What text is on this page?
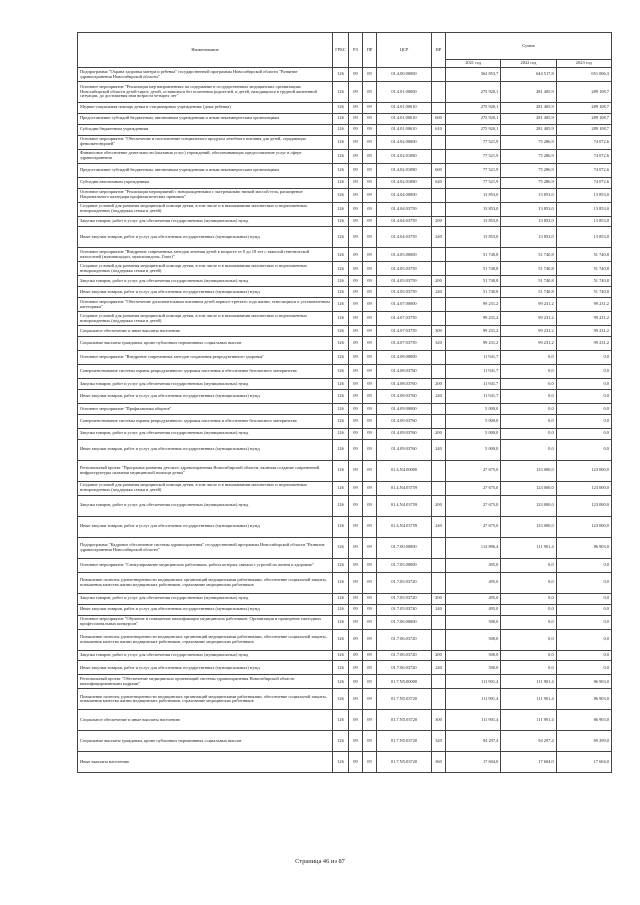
Наименование	ГРБС	РЗ	ПР	ЦСР	ВР	Сумма		
						2021 год	2022 год	2023 год
Подпрограмма "Охрана здоровья матери и ребенка" государственной программы Новосибирской области "Развитие здравоохранения Новосибирской области"	126	09	09	01.4.00.00000		362 853,7	644 517,8	651 006,3
Основное мероприятие "Реализация мер направленных на содержание в государственных медицинских организациях Новосибирской области детей-сирот, детей, оставшихся без попечения родителей, и детей, находящихся в трудной жизненной ситуации, до достижения ими возраста четырех лет"	126	09	09	01.4.01.00000		275 920,1	281 405,9	289 108,7
Медико-социальная помощь детям в стационарных учреждениях (дома ребенка)	126	09	09	01.4.01.00610		275 920,1	281 405,9	289 108,7
Предоставление субсидий бюджетным, автономным учреждениям и иным некоммерческим организациям	126	09	09	01.4.01.00610	600	275 920,1	281 405,9	289 108,7
Субсидии бюджетным учреждениям	126	09	09	01.4.01.00610	610	275 920,1	281 405,9	289 108,7
Основное мероприятие "Обеспечение и изготовление специального продукта лечебного питания для детей, страдающих фенилкетонурией"	126	09	09	01.4.02.00000		77 521,9	75 286,9	74 072,6
Финансовое обеспечение деятельности (оказания услуг) учреждений, обеспечивающих предоставление услуг в сфере здравоохранения	126	09	09	01.4.02.01080		77 521,9	75 286,9	74 072,6
Предоставление субсидий бюджетным, автономным учреждениям и иным некоммерческим организациям	126	09	09	01.4.02.01080	600	77 521,9	75 286,9	74 072,6
Субсидии автономным учреждениям	126	09	09	01.4.02.01080	620	77 521,9	75 286,9	74 072,6
Основное мероприятие "Реализация мероприятий с новорожденными с экстремально низкой массой тела, расширение Национального календаря профилактических прививок"	126	09	09	01.4.04.00000		13 853,0	13 853,0	13 853,0
Создание условий для развития медицинской помощи детям, в том числе и в выхаживании маловесных и недоношенных новорожденных (поддержка семьи и детей)	126	09	09	01.4.04.03759		13 853,0	13 853,0	13 853,0
Закупка товаров, работ и услуг для обеспечения государственных (муниципальных) нужд	126	09	09	01.4.04.03759	200	13 853,0	13 853,0	13 853,0
Иные закупки товаров, работ и услуг для обеспечения государственных (муниципальных) нужд	126	09	09	01.4.04.03759	240	13 853,0	13 853,0	13 853,0
Основное мероприятие "Внедрение современных методов лечения детей в возрасте от 0 до 18 лет с тяжелой генетической патологией (муковисцидоз, муколипидозы, Гоше)"	126	09	09	01.4.05.00000		51 740,8	51 740,8	51 740,8
Создание условий для развития медицинской помощи детям, в том числе и в выхаживании маловесных и недоношенных новорожденных (поддержка семьи и детей)	126	09	09	01.4.05.03759		51 740,8	51 740,8	51 740,8
Закупка товаров, работ и услуг для обеспечения государственных (муниципальных) нужд	126	09	09	01.4.05.03759	200	51 740,8	51 740,8	51 740,8
Иные закупки товаров, работ и услуг для обеспечения государственных (муниципальных) нужд	126	09	09	01.4.05.03759	240	51 740,8	51 740,8	51 740,8
Основное мероприятие "Обеспечение дополнительным питанием детей первого-третьего года жизни, относящихся к установленным категориям"	126	09	09	01.4.07.00000		99 231,2	99 231,2	99 231,2
Создание условий для развития медицинской помощи детям, в том числе и в выхаживании маловесных и недоношенных новорожденных (поддержка семьи и детей)	126	09	09	01.4.07.03759		99 231,2	99 231,2	99 231,2
Социальное обеспечение и иные выплаты населению	126	09	09	01.4.07.03759	300	99 231,2	99 231,2	99 231,2
Социальные выплаты гражданам, кроме публичных нормативных социальных выплат	126	09	09	01.4.07.03759	320	99 231,2	99 231,2	99 231,2
Основное мероприятие "Внедрение современных методов сохранения репродуктивного здоровья"	126	09	09	01.4.08.00000		11 941,7	0,0	0,0
Совершенствование системы охраны репродуктивного здоровья населения и обеспечение безопасного материнства	126	09	09	01.4.08.03760		11 941,7	0,0	0,0
Закупка товаров, работ и услуг для обеспечения государственных (муниципальных) нужд	126	09	09	01.4.08.03760	200	11 941,7	0,0	0,0
Иные закупки товаров, работ и услуг для обеспечения государственных (муниципальных) нужд	126	09	09	01.4.08.03760	240	11 941,7	0,0	0,0
Основное мероприятие "Профилактика абортов"	126	09	09	01.4.09.00000		5 000,0	0,0	0,0
Совершенствование системы охраны репродуктивного здоровья населения и обеспечение безопасного материнства	126	09	09	01.4.09.03760		5 000,0	0,0	0,0
Закупка товаров, работ и услуг для обеспечения государственных (муниципальных) нужд	126	09	09	01.4.09.03760	200	5 000,0	0,0	0,0
Иные закупки товаров, работ и услуг для обеспечения государственных (муниципальных) нужд	126	09	09	01.4.09.03760	240	5 000,0	0,0	0,0
Региональный проект "Программа развития детского здравоохранения Новосибирской области, включая создание современной инфраструктуры оказания медицинской помощи детям"	126	09	09	01.4.N4.00000		27 675,0	123 000,0	123 000,0
Создание условий для развития медицинской помощи детям, в том числе и в выхаживании маловесных и недоношенных новорожденных (поддержка семьи и детей)	126	09	09	01.4.N4.03759		27 675,0	123 000,0	123 000,0
Закупка товаров, работ и услуг для обеспечения государственных (муниципальных) нужд	126	09	09	01.4.N4.03759	200	27 675,0	123 000,0	123 000,0
Иные закупки товаров, работ и услуг для обеспечения государственных (муниципальных) нужд	126	09	09	01.4.N4.03759	240	27 675,0	123 000,0	123 000,0
Подпрограмма "Кадровое обеспечение системы здравоохранения" государственной программы Новосибирской области "Развитие здравоохранения Новосибирской области"	126	09	09	01.7.00.00000		112 896,4	111 901,4	86 903,0
Основное мероприятие "Стимулирование медицинских работников, работа которых связана с угрозой их жизни и здоровью"	126	09	09	01.7.05.00000		495,0	0,0	0,0
Повышение полноты удовлетворенности медицинских организаций медицинскими работниками, обеспечение социальной защиты, повышения качества жизни медицинских работников, страхование медицинских работников	126	09	09	01.7.05.03720		495,0	0,0	0,0
Закупка товаров, работ и услуг для обеспечения государственных (муниципальных) нужд	126	09	09	01.7.05.03720	200	495,0	0,0	0,0
Иные закупки товаров, работ и услуг для обеспечения государственных (муниципальных) нужд	126	09	09	01.7.05.03720	240	495,0	0,0	0,0
Основное мероприятие "Обучение и повышение квалификации медицинских работников. Организация и проведение ежегодных профессиональных конкурсов"	126	09	09	01.7.06.00000		500,0	0,0	0,0
Повышение полноты удовлетворенности медицинских организаций медицинскими работниками, обеспечение социальной защиты, повышения качества жизни медицинских работников, страхование медицинских работников	126	09	09	01.7.06.03720		500,0	0,0	0,0
Закупка товаров, работ и услуг для обеспечения государственных (муниципальных) нужд	126	09	09	01.7.06.03720	200	500,0	0,0	0,0
Иные закупки товаров, работ и услуг для обеспечения государственных (муниципальных) нужд	126	09	09	01.7.06.03720	240	500,0	0,0	0,0
Региональный проект "Обеспечение медицинских организаций системы здравоохранения Новосибирской области квалифицированными кадрами"	126	09	09	01.7.N5.00000		111 901,4	111 901,4	86 903,0
Повышение полноты удовлетворенности медицинских организаций медицинскими работниками, обеспечение социальной защиты, повышения качества жизни медицинских работников, страхование медицинских работников	126	09	09	01.7.N5.03720		111 901,4	111 901,4	86 903,0
Социальное обеспечение и иные выплаты населению	126	09	09	01.7.N5.03720	300	111 901,4	111 901,4	86 903,0
Социальные выплаты гражданам, кроме публичных нормативных социальных выплат	126	09	09	01.7.N5.03720	320	94 297,4	94 297,4	69 299,0
Иные выплаты населению	126	09	09	01.7.N5.03720	360	17 604,0	17 604,0	17 604,0
Страница 46 из 87
